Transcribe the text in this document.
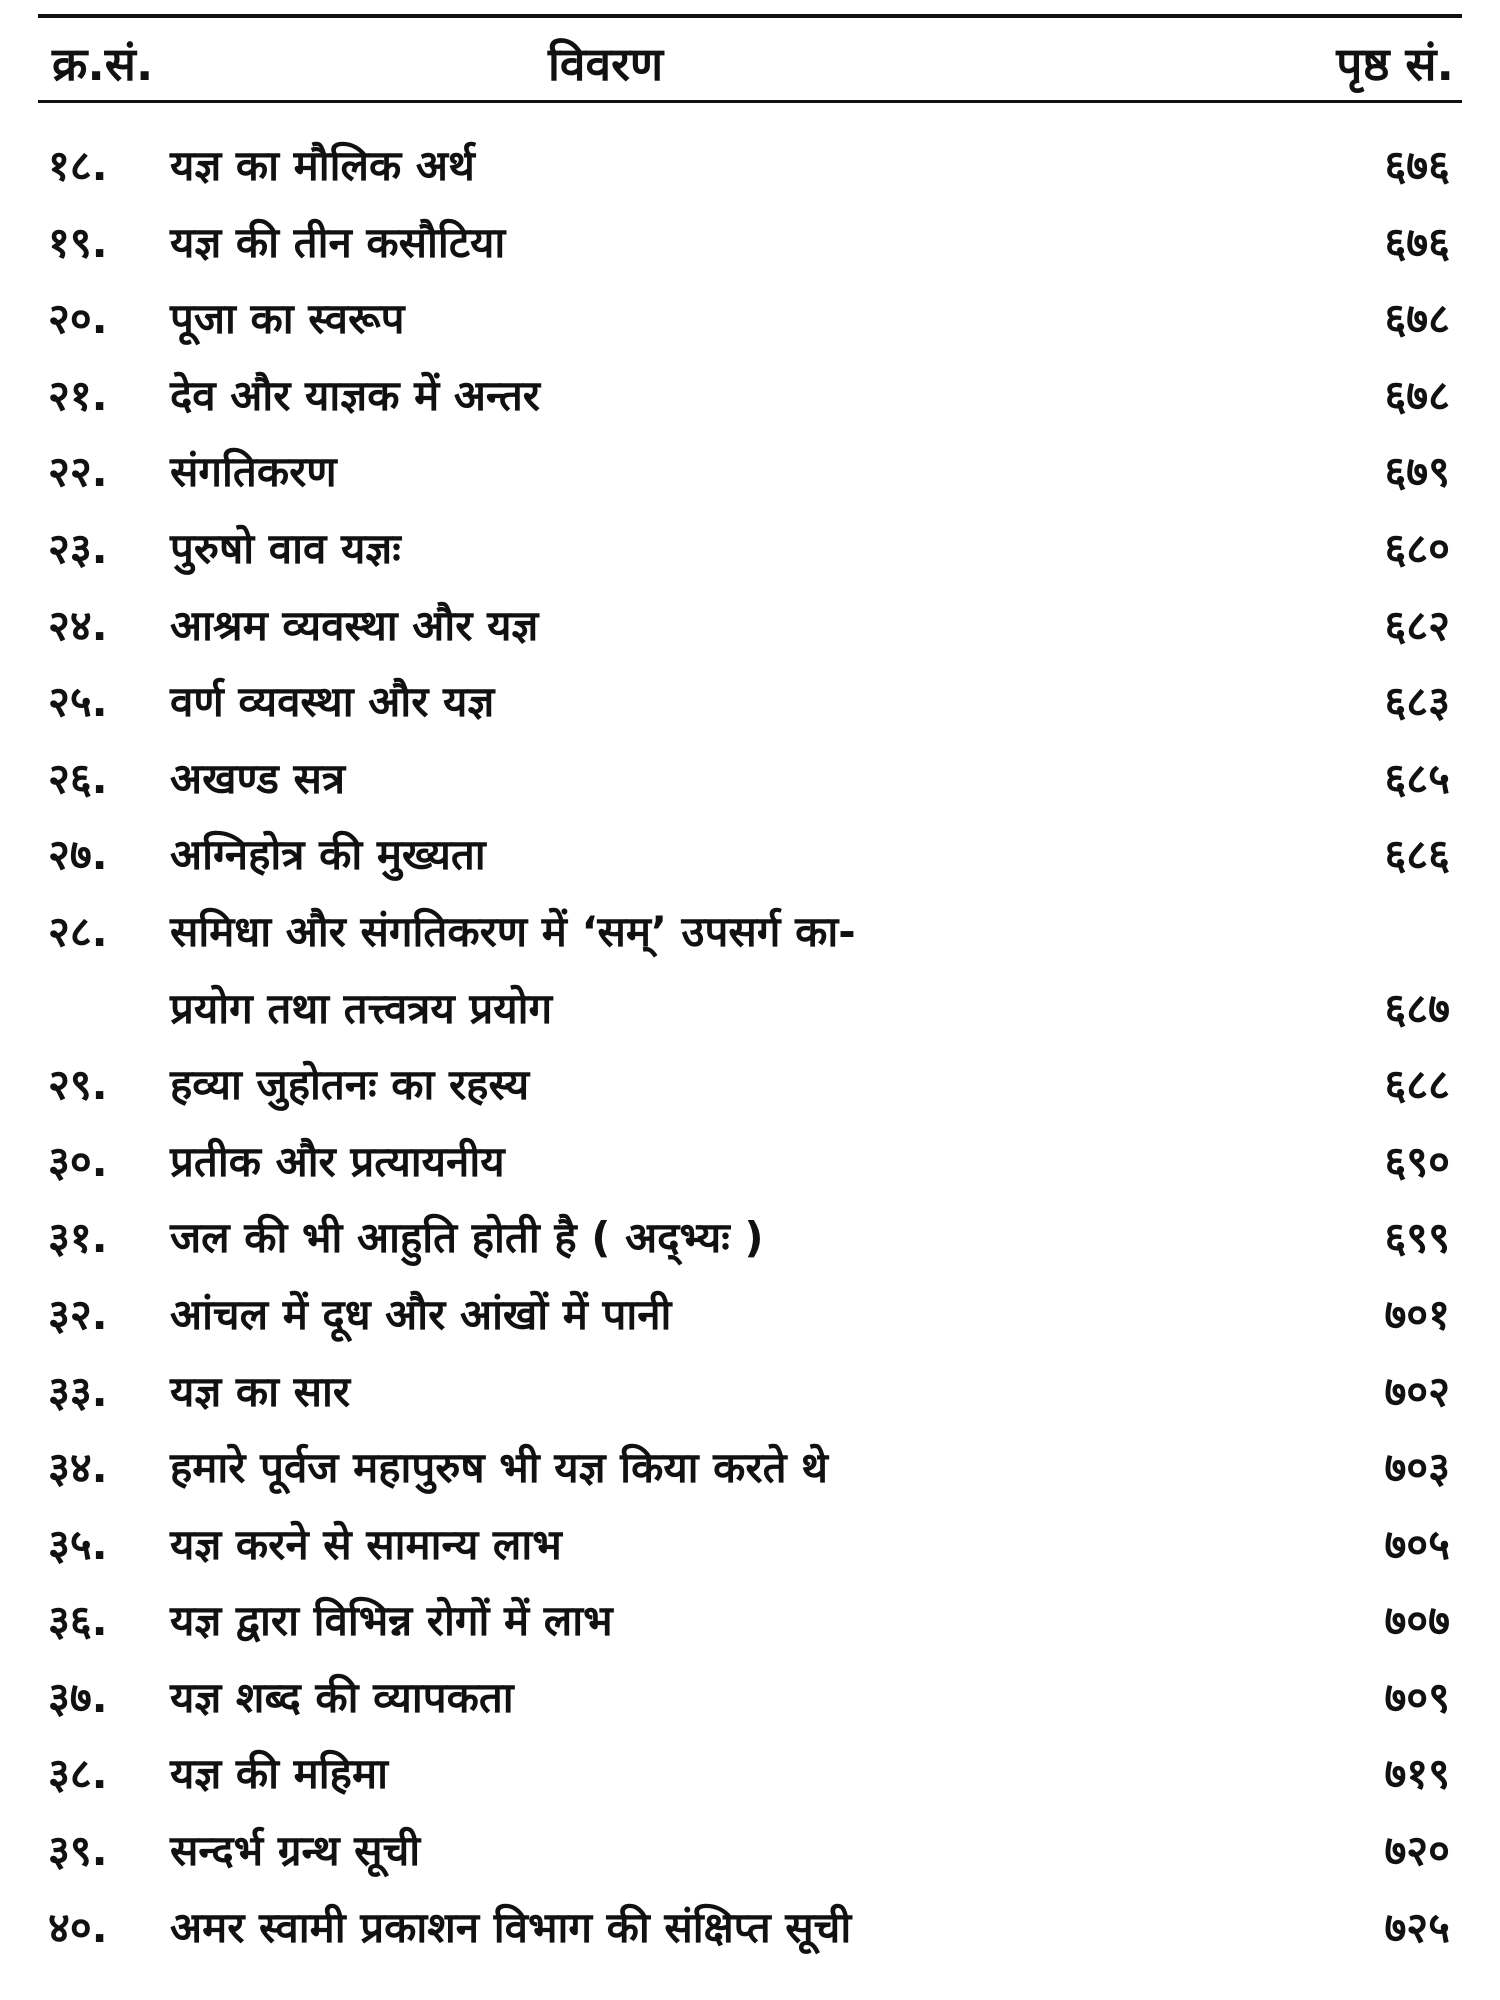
क्र.सं.	विवरण	पृष्ठ सं.
१८.	यज्ञ का मौलिक अर्थ	६७६
१९.	यज्ञ की तीन कसौटिया	६७६
२०.	पूजा का स्वरूप	६७८
२१.	देव और याज्ञक में अन्तर	६७८
२२.	संगतिकरण	६७९
२३.	पुरुषो वाव यज्ञः	६८०
२४.	आश्रम व्यवस्था और यज्ञ	६८२
२५.	वर्ण व्यवस्था और यज्ञ	६८३
२६.	अखण्ड सत्र	६८५
२७.	अग्निहोत्र की मुख्यता	६८६
२८.	समिधा और संगतिकरण में ‘सम्’ उपसर्ग का-
प्रयोग तथा तत्त्वत्रय प्रयोग	६८७
२९.	हव्या जुहोतनः का रहस्य	६८८
३०.	प्रतीक और प्रत्यायनीय	६९०
३१.	जल की भी आहुति होती है ( अद्भ्यः )	६९९
३२.	आंचल में दूध और आंखों में पानी	७०१
३३.	यज्ञ का सार	७०२
३४.	हमारे पूर्वज महापुरुष भी यज्ञ किया करते थे	७०३
३५.	यज्ञ करने से सामान्य लाभ	७०५
३६.	यज्ञ द्वारा विभिन्न रोगों में लाभ	७०७
३७.	यज्ञ शब्द की व्यापकता	७०९
३८.	यज्ञ की महिमा	७१९
३९.	सन्दर्भ ग्रन्थ सूची	७२०
४०.	अमर स्वामी प्रकाशन विभाग की संक्षिप्त सूची	७२५
